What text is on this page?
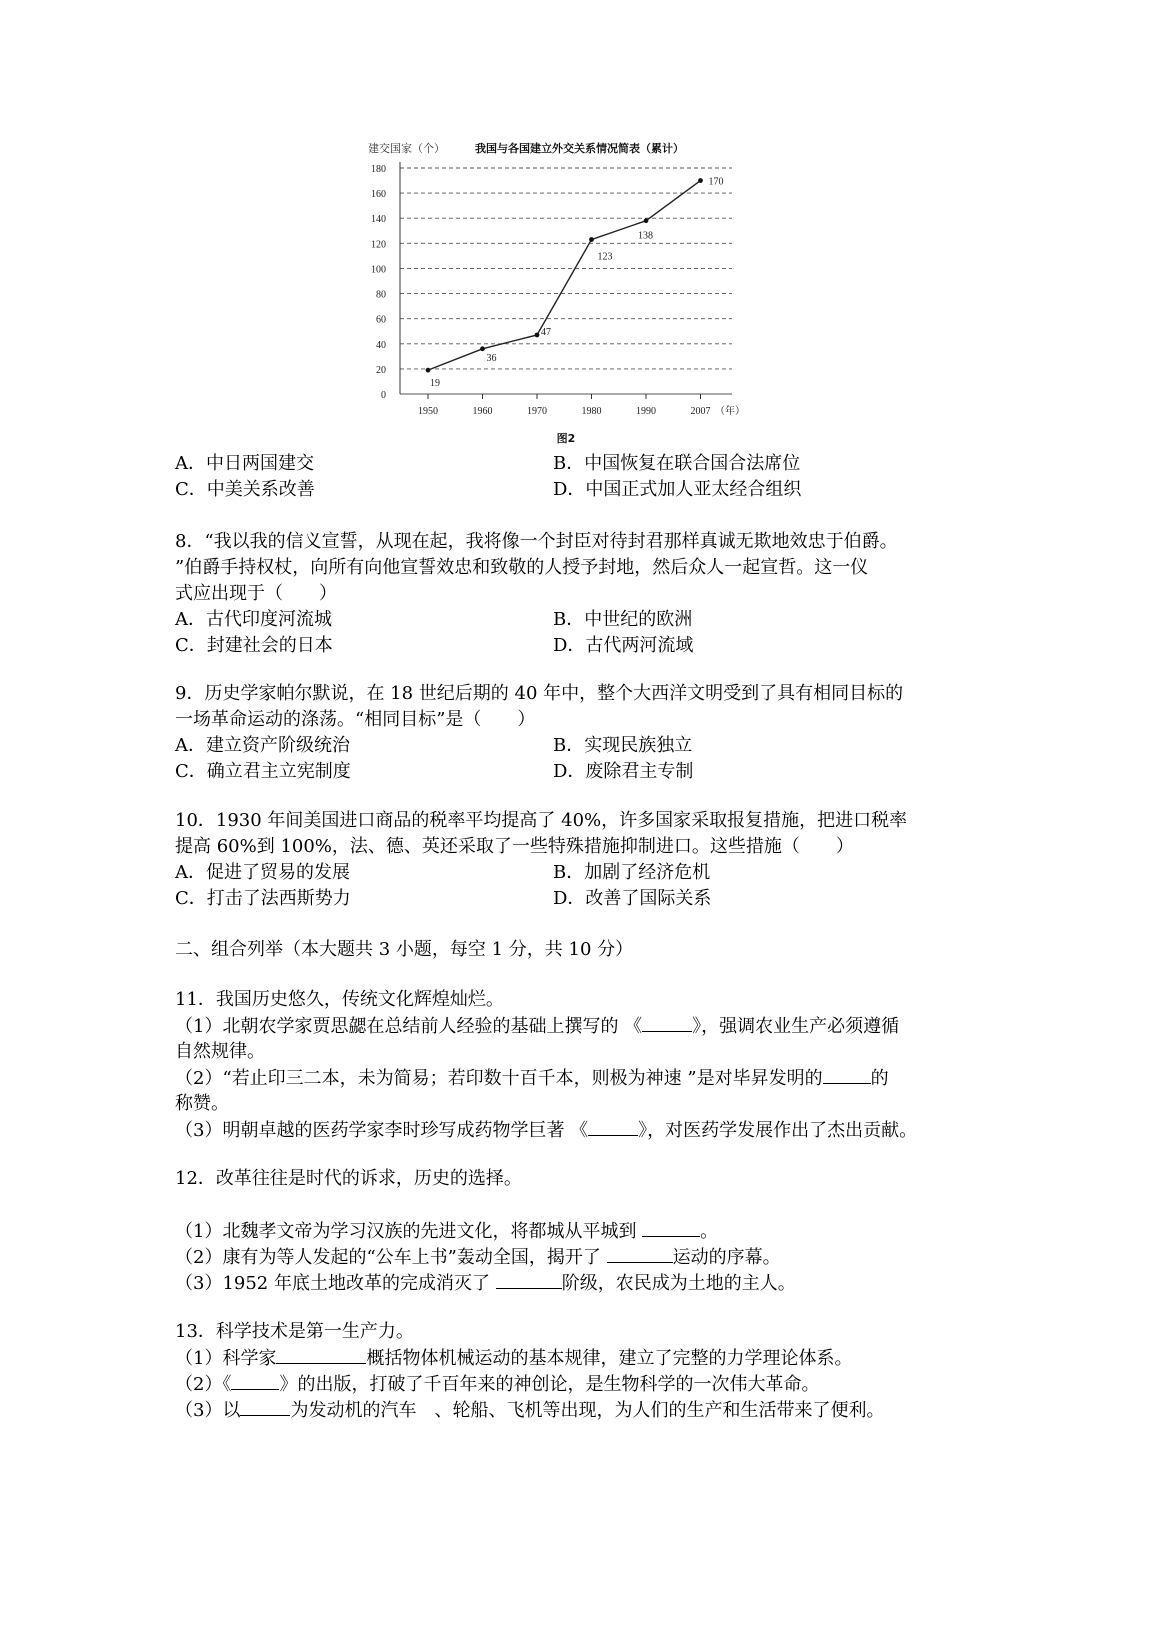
建交国家（个）	我国与各国建立外交关系情况简表（累计）
0
20
40
60
80
100
120
140
160
180
1950	1960	1970	1980	1990	2007 （年）
19
36
47
123
138
170
图2
A．中日两国建交	B．中国恢复在联合国合法席位
C．中美关系改善	D．中国正式加人亚太经合组织
8．“我以我的信义宣誓，从现在起，我将像一个封臣对待封君那样真诚无欺地效忠于伯爵。
”伯爵手持权杖，向所有向他宣誓效忠和致敬的人授予封地，然后众人一起宣哲。这一仪
式应出现于（　　）
A．古代印度河流城	B．中世纪的欧洲
C．封建社会的日本	D．古代两河流域
9．历史学家帕尔默说，在 18 世纪后期的 40 年中，整个大西洋文明受到了具有相同目标的
一场革命运动的涤荡。“相同目标”是（　　）
A．建立资产阶级统治	B．实现民族独立
C．确立君主立宪制度	D．废除君主专制
10．1930 年间美国进口商品的税率平均提高了 40%，许多国家采取报复措施，把进口税率
提高 60%到 100%，法、德、英还采取了一些特殊措施抑制进口。这些措施（　　）
A．促进了贸易的发展	B．加剧了经济危机
C．打击了法西斯势力	D．改善了国际关系
二、组合列举（本大题共 3 小题，每空 1 分，共 10 分）
11．我国历史悠久，传统文化辉煌灿烂。
（1）北朝农学家贾思勰在总结前人经验的基础上撰写的 《	》，强调农业生产必须遵循
自然规律。
（2）“若止印三二本，未为简易；若印数十百千本，则极为神速 ”是对毕昇发明的	的
称赞。
（3）明朝卓越的医药学家李时珍写成药物学巨著 《	》，对医药学发展作出了杰出贡献。
12．改革往往是时代的诉求，历史的选择。
（1）北魏孝文帝为学习汉族的先进文化，将都城从平城到	。
（2）康有为等人发起的“公车上书”轰动全国，揭开了	运动的序幕。
（3）1952 年底土地改革的完成消灭了	阶级，农民成为土地的主人。
13．科学技术是第一生产力。
（1）科学家	概括物体机械运动的基本规律，建立了完整的力学理论体系。
（2）《	》的出版，打破了千百年来的神创论，是生物科学的一次伟大革命。
（3）以	为发动机的汽车　、轮船、飞机等出现，为人们的生产和生活带来了便利。
